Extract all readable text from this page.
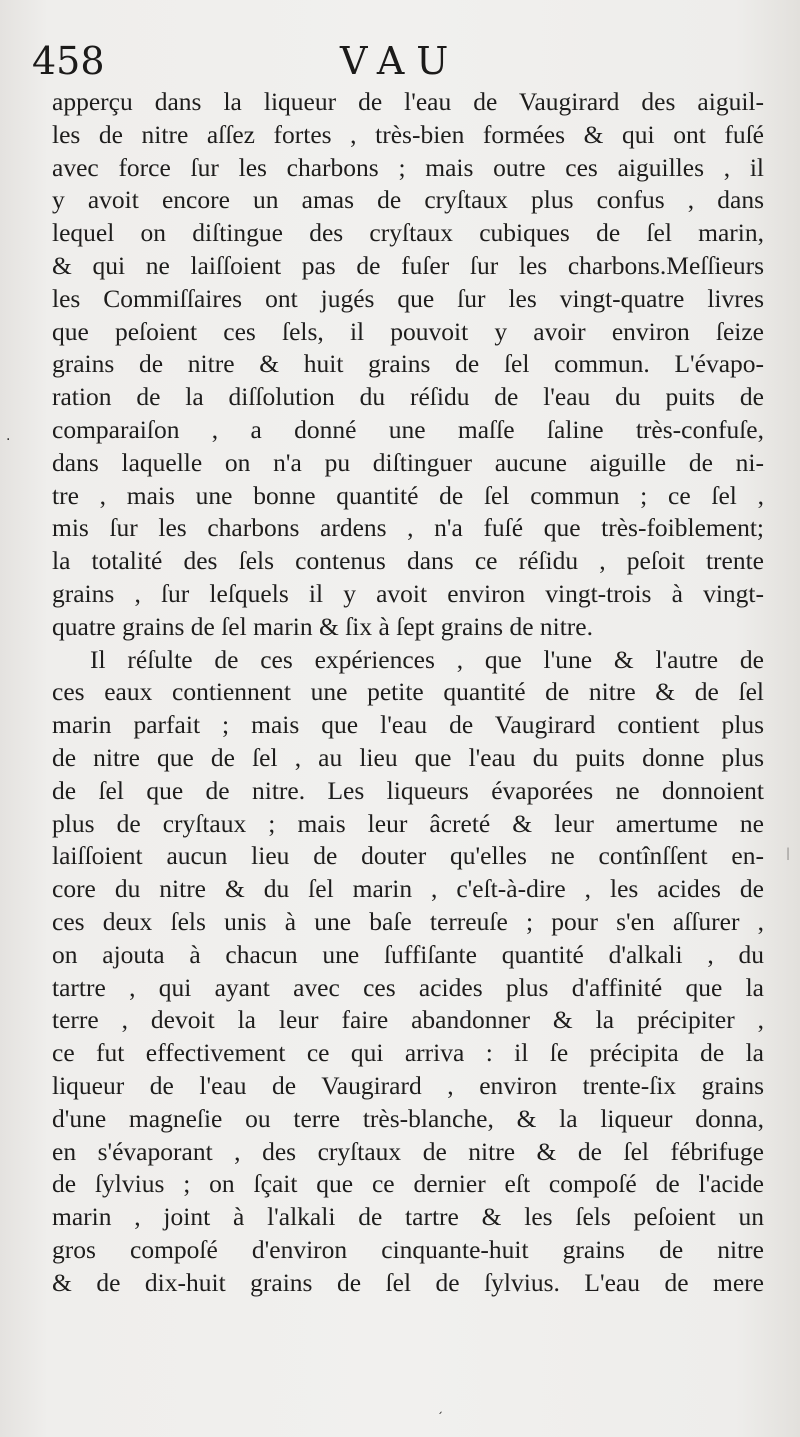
458	VAU
·
|
apperçu dans la liqueur de l'eau de Vaugirard des aiguil-
les de nitre aſſez fortes , très-bien formées & qui ont fuſé
avec force ſur les charbons ; mais outre ces aiguilles , il
y avoit encore un amas de cryſtaux plus confus , dans
lequel on diſtingue des cryſtaux cubiques de ſel marin,
& qui ne laiſſoient pas de fuſer ſur les charbons.Meſſieurs
les Commiſſaires ont jugés que ſur les vingt-quatre livres
que peſoient ces ſels, il pouvoit y avoir environ ſeize
grains de nitre & huit grains de ſel commun. L'évapo-
ration de la diſſolution du réſidu de l'eau du puits de
comparaiſon , a donné une maſſe ſaline très-confuſe,
dans laquelle on n'a pu diſtinguer aucune aiguille de ni-
tre , mais une bonne quantité de ſel commun ; ce ſel ,
mis ſur les charbons ardens , n'a fuſé que très-foiblement;
la totalité des ſels contenus dans ce réſidu , peſoit trente
grains , ſur leſquels il y avoit environ vingt-trois à vingt-
quatre grains de ſel marin & ſix à ſept grains de nitre.
Il réſulte de ces expériences , que l'une & l'autre de
ces eaux contiennent une petite quantité de nitre & de ſel
marin parfait ; mais que l'eau de Vaugirard contient plus
de nitre que de ſel , au lieu que l'eau du puits donne plus
de ſel que de nitre. Les liqueurs évaporées ne donnoient
plus de cryſtaux ; mais leur âcreté & leur amertume ne
laiſſoient aucun lieu de douter qu'elles ne contînſſent en-
core du nitre & du ſel marin , c'eſt-à-dire , les acides de
ces deux ſels unis à une baſe terreuſe ; pour s'en aſſurer ,
on ajouta à chacun une ſuffiſante quantité d'alkali , du
tartre , qui ayant avec ces acides plus d'affinité que la
terre , devoit la leur faire abandonner & la précipiter ,
ce fut effectivement ce qui arriva : il ſe précipita de la
liqueur de l'eau de Vaugirard , environ trente-ſix grains
d'une magneſie ou terre très-blanche, & la liqueur donna,
en s'évaporant , des cryſtaux de nitre & de ſel fébrifuge
de ſylvius ; on ſçait que ce dernier eſt compoſé de l'acide
marin , joint à l'alkali de tartre & les ſels peſoient un
gros compoſé d'environ cinquante-huit grains de nitre
& de dix-huit grains de ſel de ſylvius. L'eau de mere
ˏ
